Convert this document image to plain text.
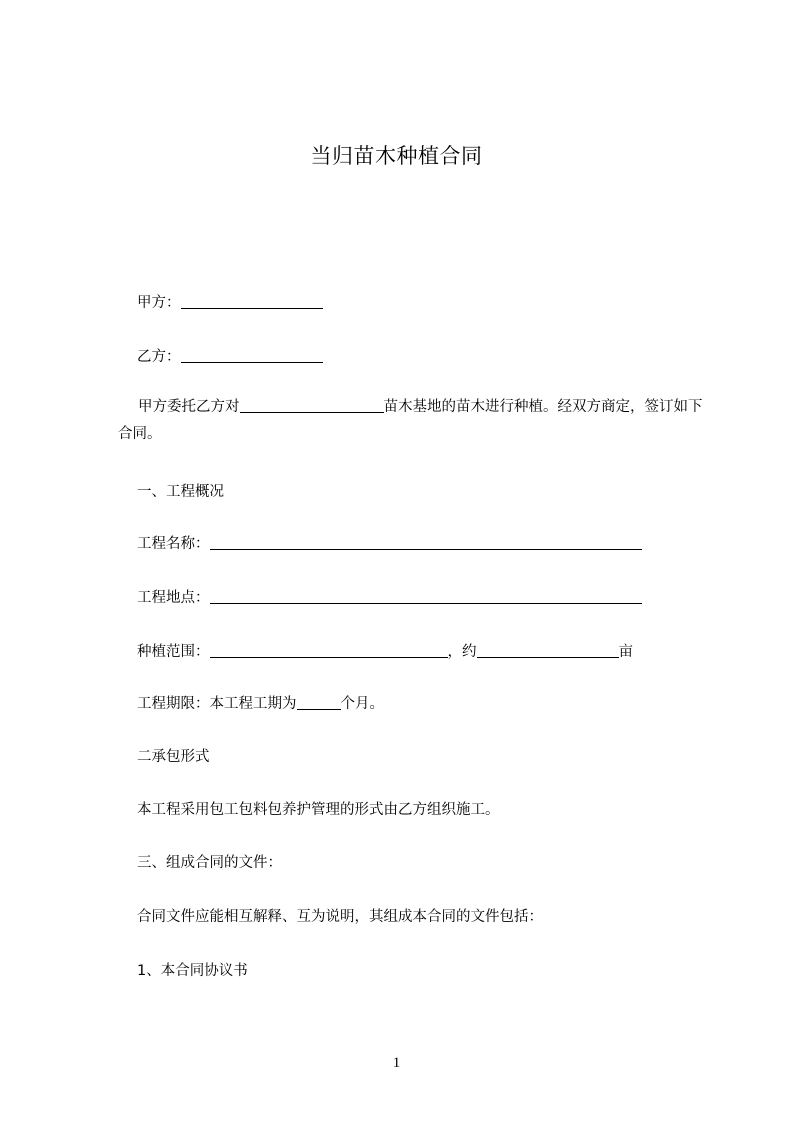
当归苗木种植合同
甲方：
乙方：
甲方委托乙方对	苗木基地的苗木进行种植。经双方商定，签订如下合同。
一、工程概况
工程名称：
工程地点：
种植范围：	，约	亩
工程期限：本工程工期为	个月。
二承包形式
本工程采用包工包料包养护管理的形式由乙方组织施工。
三、组成合同的文件：
合同文件应能相互解释、互为说明，其组成本合同的文件包括：
1、本合同协议书
1
